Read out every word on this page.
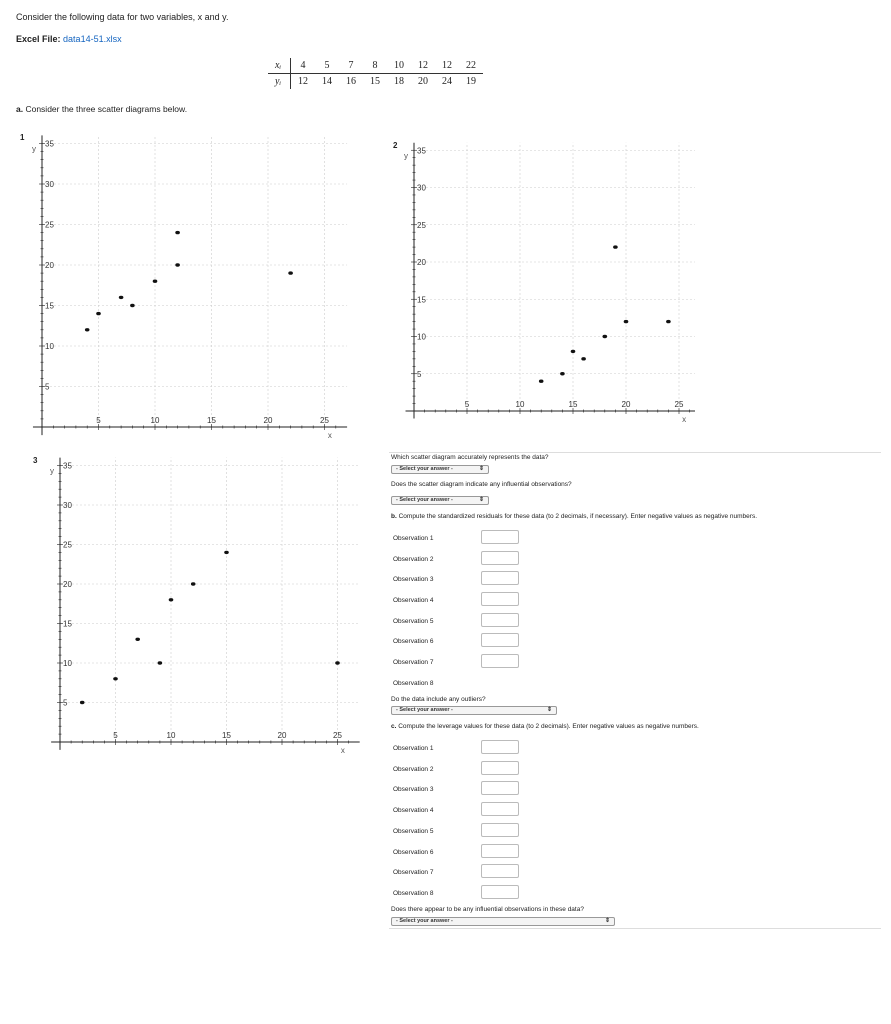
Consider the following data for two variables, x and y.
Excel File: data14-51.xlsx
xᵢ	4	5	7	8	10	12	12	22
yᵢ	12	14	16	15	18	20	24	19
a. Consider the three scatter diagrams below.
1
5	10	15	20	25
5
10
15
20
25
30
35
y
x
2
5	10	15	20	25
5
10
15
20
25
30
35
y
x
3
5	10	15	20	25
5
10
15
20
25
30
35
y
x
Which scatter diagram accurately represents the data?
- Select your answer -	⇕
Does the scatter diagram indicate any influential observations?
- Select your answer -	⇕
b. Compute the standardized residuals for these data (to 2 decimals, if necessary). Enter negative values as negative numbers.
Observation 1
Observation 2
Observation 3
Observation 4
Observation 5
Observation 6
Observation 7
Observation 8
Do the data include any outliers?
- Select your answer -	⇕
c. Compute the leverage values for these data (to 2 decimals). Enter negative values as negative numbers.
Observation 1
Observation 2
Observation 3
Observation 4
Observation 5
Observation 6
Observation 7
Observation 8
Does there appear to be any influential observations in these data?
- Select your answer -	⇕
